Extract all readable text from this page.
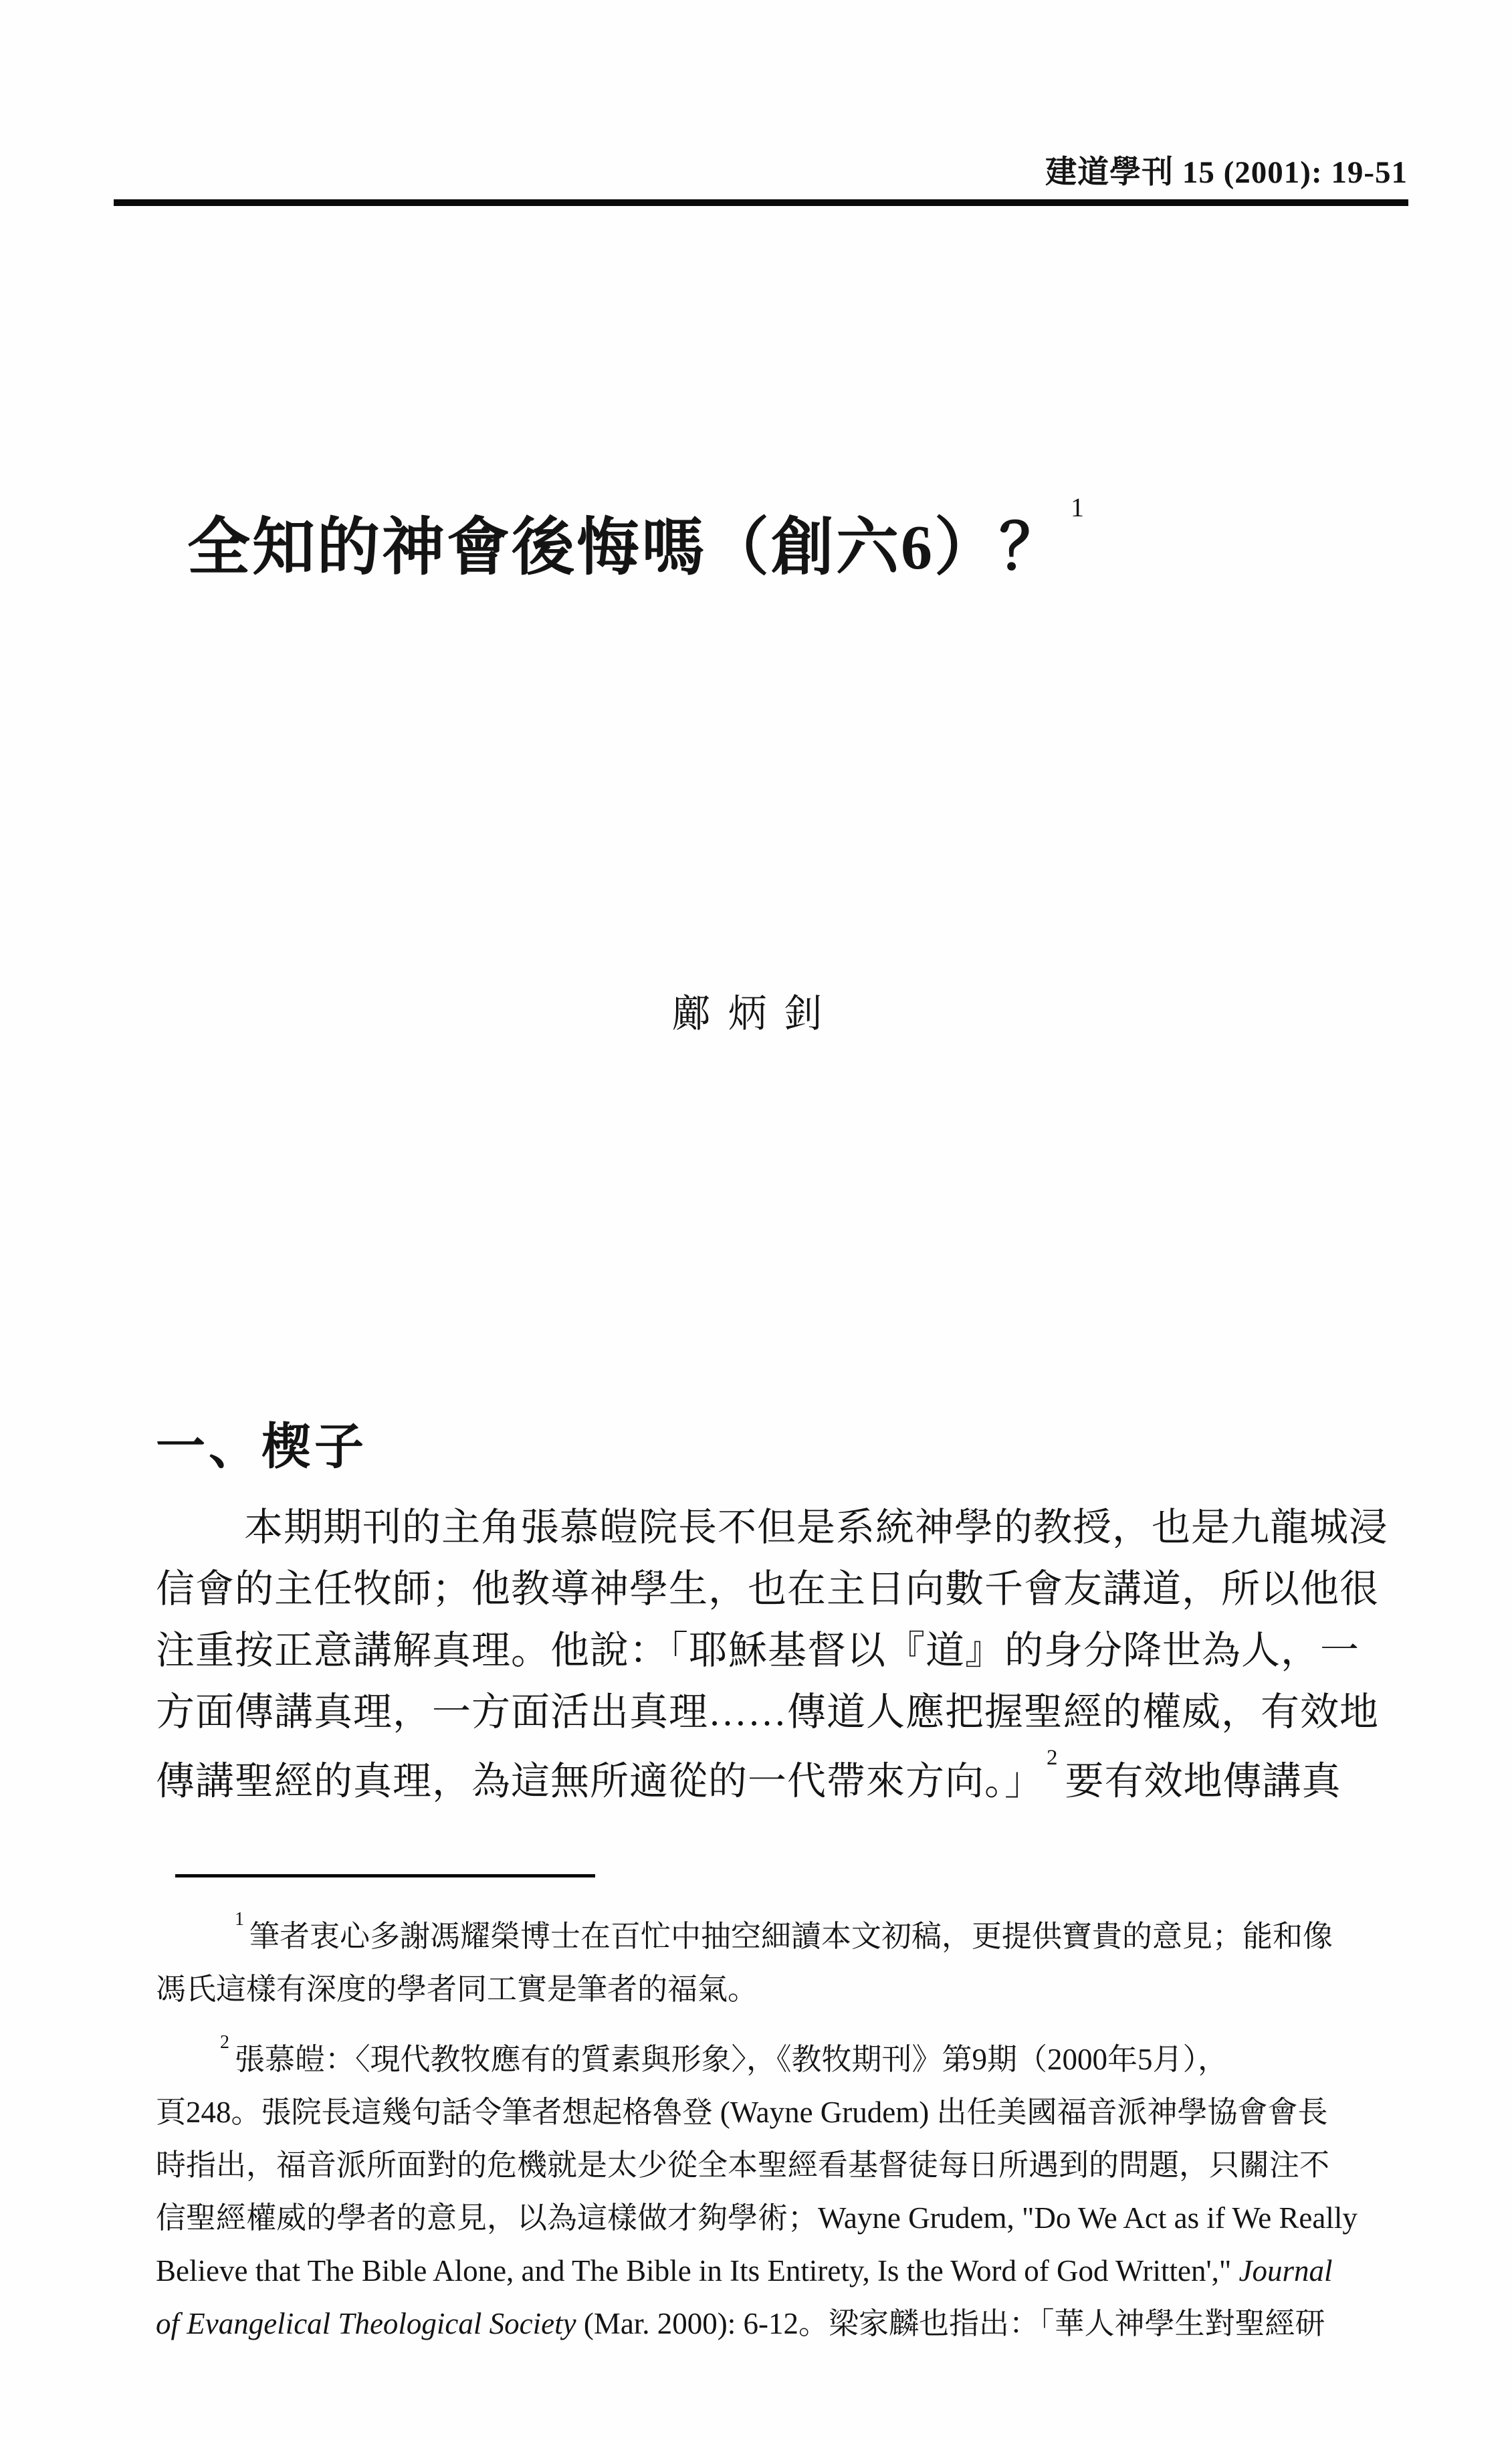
建道學刊 15 (2001): 19-51
全知的神會後悔嗎（創六6）？$^1$
鄺炳釗
一、楔子
本期期刊的主角張慕皚院長不但是系統神學的教授，也是九龍城浸
信會的主任牧師；他教導神學生，也在主日向數千會友講道，所以他很
注重按正意講解真理。他說：「耶穌基督以『道』的身分降世為人，一
方面傳講真理，一方面活出真理……傳道人應把握聖經的權威，有效地
傳講聖經的真理，為這無所適從的一代帶來方向。」$^2$要有效地傳講真
$^1$筆者衷心多謝馮耀榮博士在百忙中抽空細讀本文初稿，更提供寶貴的意見；能和像
馮氏這樣有深度的學者同工實是筆者的福氣。
$^2$張慕皚：〈現代教牧應有的質素與形象〉，《教牧期刊》第9期（2000年5月），
頁248。張院長這幾句話令筆者想起格魯登 (Wayne Grudem) 出任美國福音派神學協會會長
時指出，福音派所面對的危機就是太少從全本聖經看基督徒每日所遇到的問題，只關注不
信聖經權威的學者的意見，以為這樣做才夠學術；Wayne Grudem, "Do We Act as if We Really
Believe that The Bible Alone, and The Bible in Its Entirety, Is the Word of God Written'," Journal
of Evangelical Theological Society (Mar. 2000): 6-12。梁家麟也指出：「華人神學生對聖經研
